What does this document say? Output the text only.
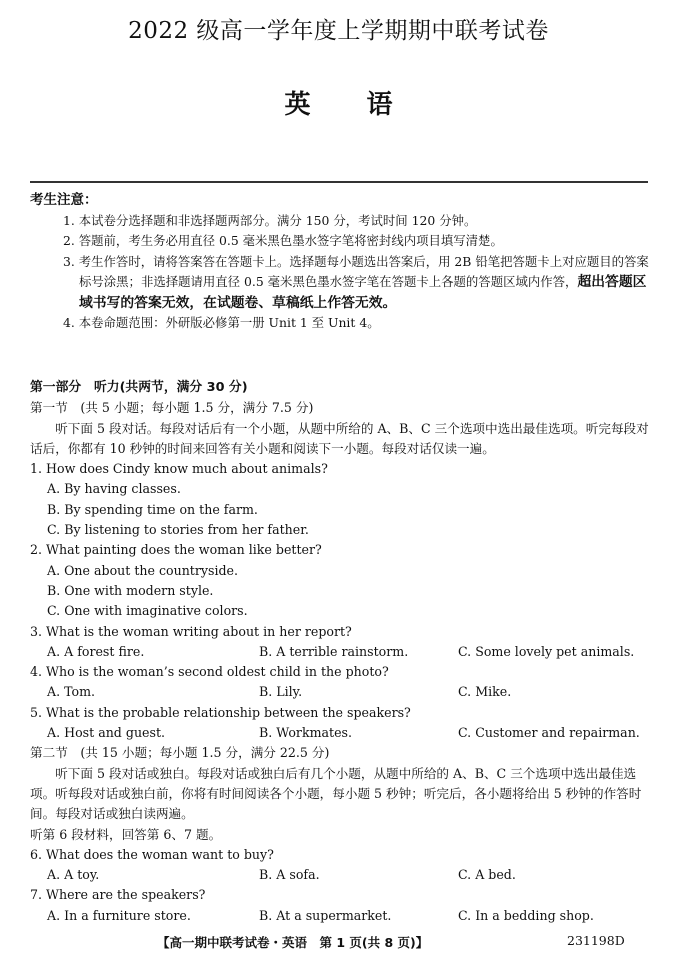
2022 级高一学年度上学期期中联考试卷
英 语
考生注意：
1. 本试卷分选择题和非选择题两部分。满分 150 分，考试时间 120 分钟。
2. 答题前，考生务必用直径 0.5 毫米黑色墨水签字笔将密封线内项目填写清楚。
3. 考生作答时，请将答案答在答题卡上。选择题每小题选出答案后，用 2B 铅笔把答题卡上对应题目的答案标号涂黑；非选择题请用直径 0.5 毫米黑色墨水签字笔在答题卡上各题的答题区域内作答，超出答题区域书写的答案无效，在试题卷、草稿纸上作答无效。
4. 本卷命题范围：外研版必修第一册 Unit 1 至 Unit 4。
第一部分　听力(共两节，满分 30 分)
第一节　(共 5 小题；每小题 1.5 分，满分 7.5 分)
听下面 5 段对话。每段对话后有一个小题，从题中所给的 A、B、C 三个选项中选出最佳选项。听完每段对话后，你都有 10 秒钟的时间来回答有关小题和阅读下一小题。每段对话仅读一遍。
1. How does Cindy know much about animals?
A. By having classes.
B. By spending time on the farm.
C. By listening to stories from her father.
2. What painting does the woman like better?
A. One about the countryside.
B. One with modern style.
C. One with imaginative colors.
3. What is the woman writing about in her report?
A. A forest fire.	B. A terrible rainstorm.	C. Some lovely pet animals.
4. Who is the woman’s second oldest child in the photo?
A. Tom.	B. Lily.	C. Mike.
5. What is the probable relationship between the speakers?
A. Host and guest.	B. Workmates.	C. Customer and repairman.
第二节　(共 15 小题；每小题 1.5 分，满分 22.5 分)
听下面 5 段对话或独白。每段对话或独白后有几个小题，从题中所给的 A、B、C 三个选项中选出最佳选项。听每段对话或独白前，你将有时间阅读各个小题，每小题 5 秒钟；听完后，各小题将给出 5 秒钟的作答时间。每段对话或独白读两遍。
听第 6 段材料，回答第 6、7 题。
6. What does the woman want to buy?
A. A toy.	B. A sofa.	C. A bed.
7. Where are the speakers?
A. In a furniture store.	B. At a supermarket.	C. In a bedding shop.
【高一期中联考试卷・英语　第 1 页(共 8 页)】	231198D
